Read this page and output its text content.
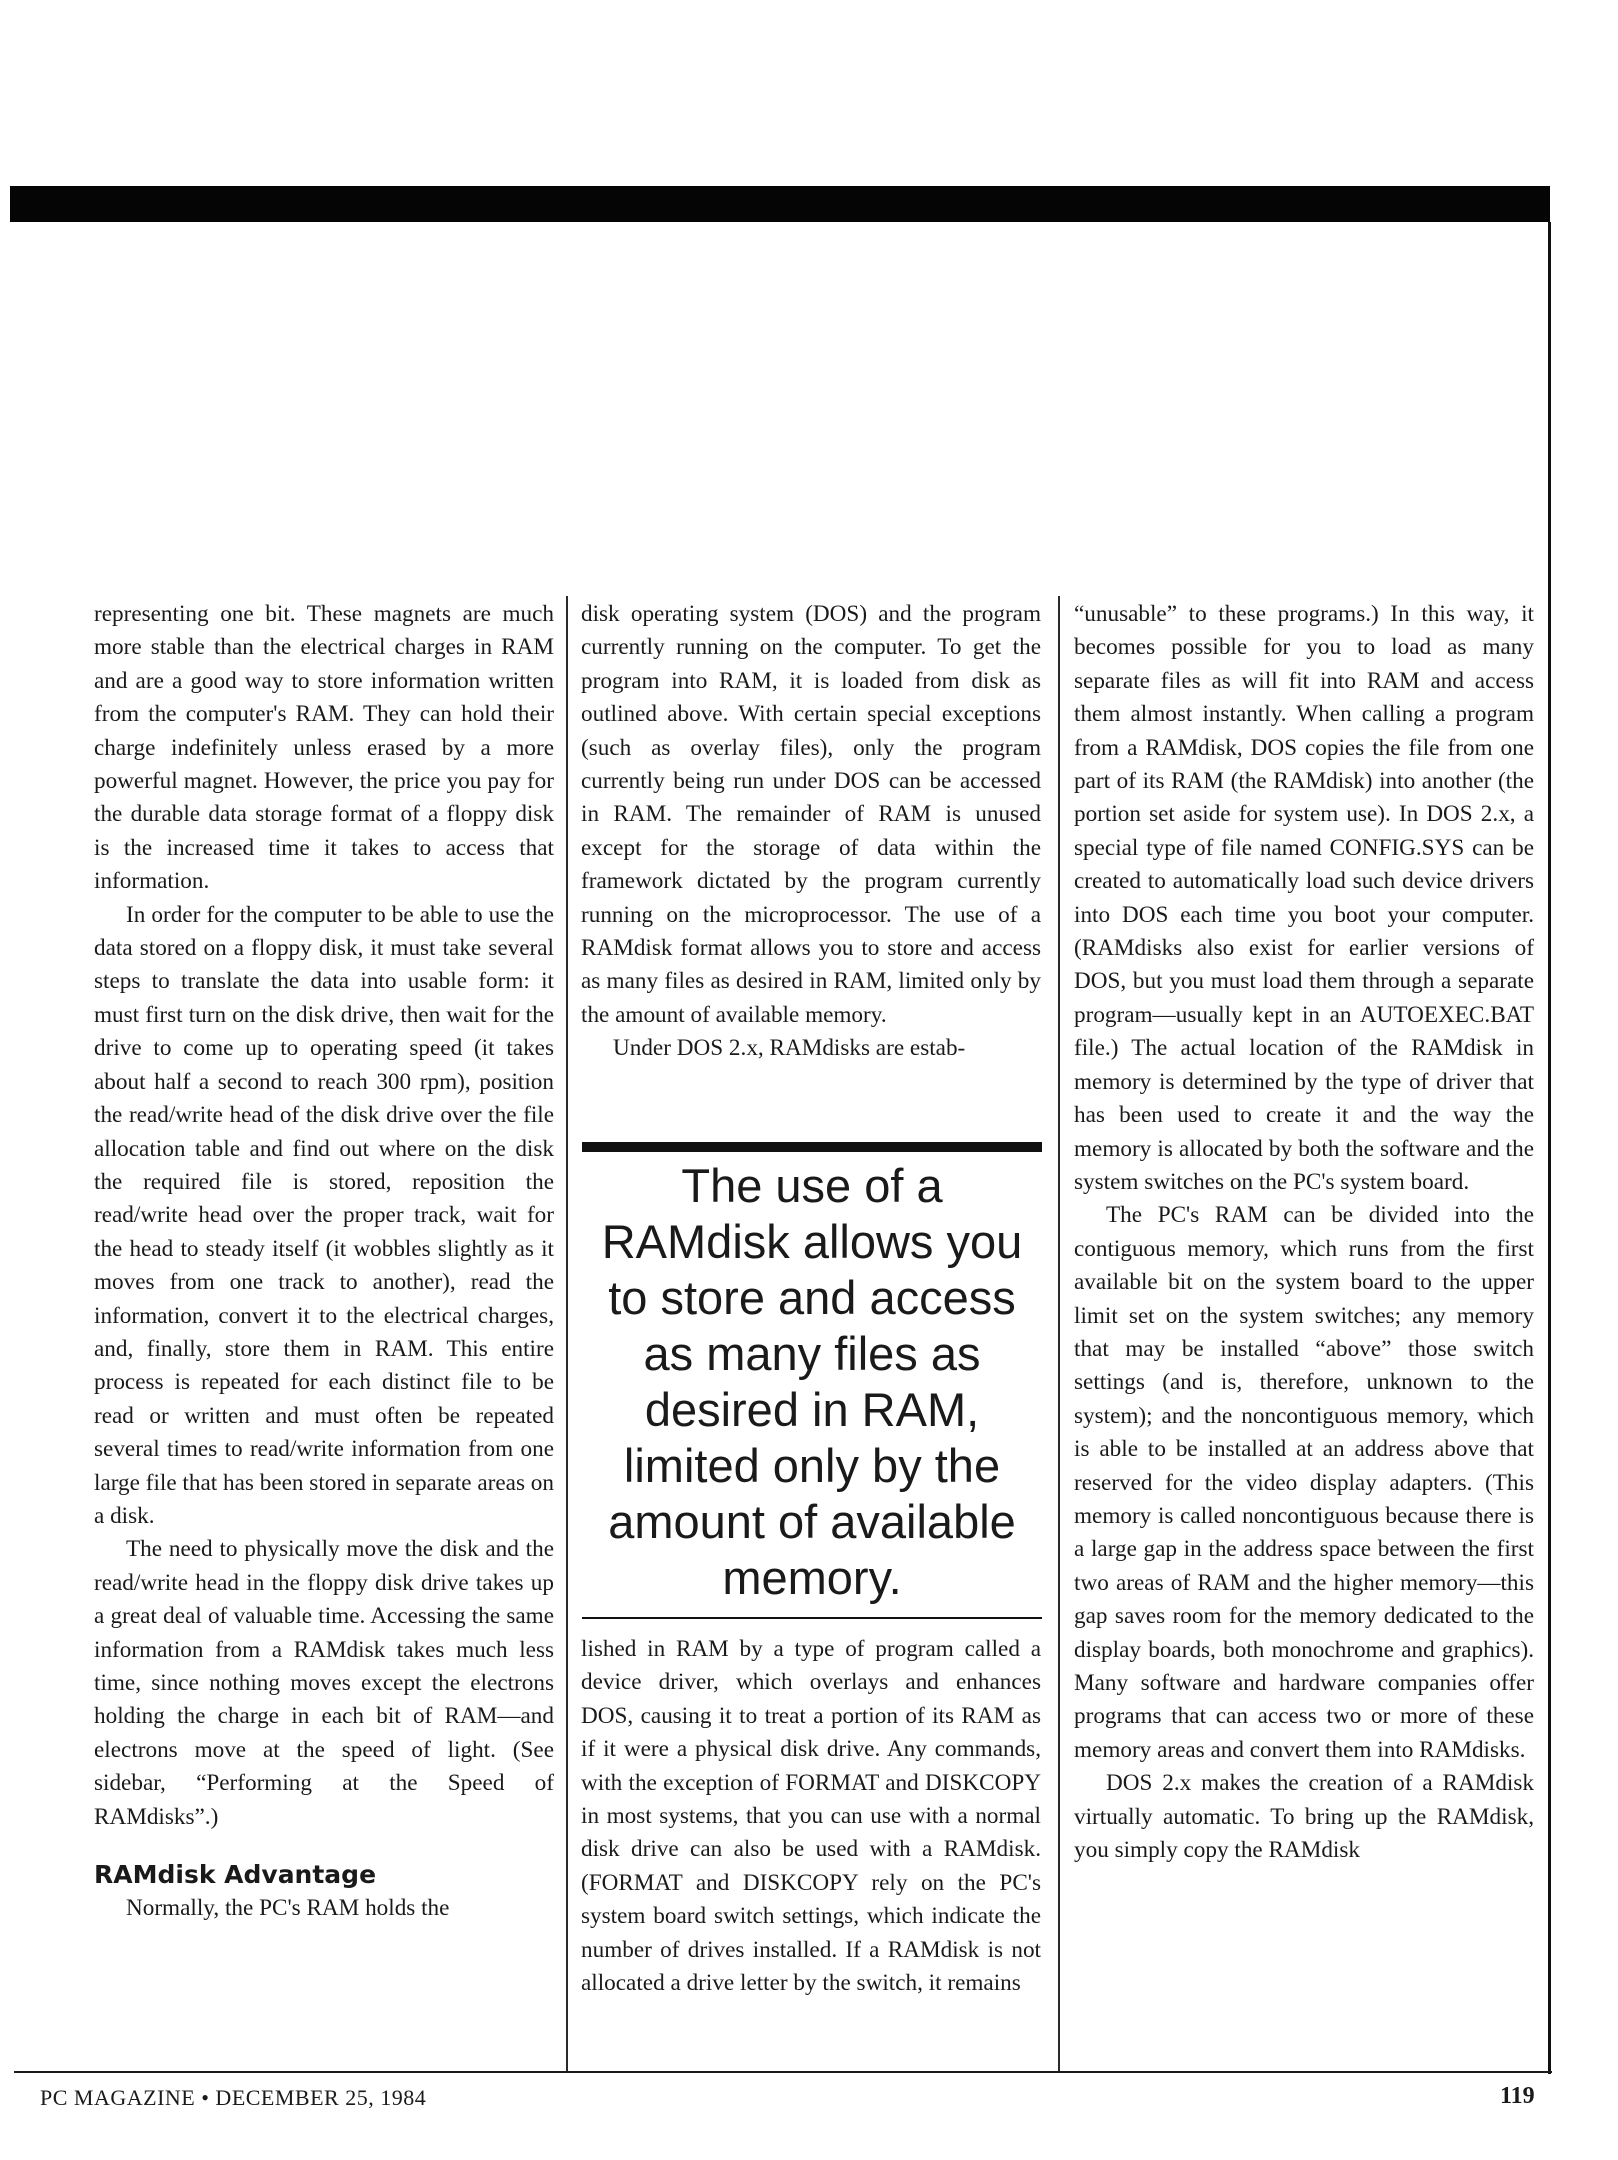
representing one bit. These magnets are much more stable than the electrical charges in RAM and are a good way to store information written from the computer's RAM. They can hold their charge indefinitely unless erased by a more powerful magnet. However, the price you pay for the durable data storage format of a floppy disk is the increased time it takes to access that information.

In order for the computer to be able to use the data stored on a floppy disk, it must take several steps to translate the data into usable form: it must first turn on the disk drive, then wait for the drive to come up to operating speed (it takes about half a second to reach 300 rpm), position the read/write head of the disk drive over the file allocation table and find out where on the disk the required file is stored, reposition the read/write head over the proper track, wait for the head to steady itself (it wobbles slightly as it moves from one track to another), read the information, convert it to the electrical charges, and, finally, store them in RAM. This entire process is repeated for each distinct file to be read or written and must often be repeated several times to read/write information from one large file that has been stored in separate areas on a disk.

The need to physically move the disk and the read/write head in the floppy disk drive takes up a great deal of valuable time. Accessing the same information from a RAMdisk takes much less time, since nothing moves except the electrons holding the charge in each bit of RAM—and electrons move at the speed of light. (See sidebar, “Performing at the Speed of RAMdisks”.)

RAMdisk Advantage

Normally, the PC's RAM holds the

disk operating system (DOS) and the program currently running on the computer. To get the program into RAM, it is loaded from disk as outlined above. With certain special exceptions (such as overlay files), only the program currently being run under DOS can be accessed in RAM. The remainder of RAM is unused except for the storage of data within the framework dictated by the program currently running on the microprocessor. The use of a RAMdisk format allows you to store and access as many files as desired in RAM, limited only by the amount of available memory.

Under DOS 2.x, RAMdisks are estab-

The use of a RAMdisk allows you to store and access as many files as desired in RAM, limited only by the amount of available memory.

lished in RAM by a type of program called a device driver, which overlays and enhances DOS, causing it to treat a portion of its RAM as if it were a physical disk drive. Any commands, with the exception of FORMAT and DISKCOPY in most systems, that you can use with a normal disk drive can also be used with a RAMdisk. (FORMAT and DISKCOPY rely on the PC's system board switch settings, which indicate the number of drives installed. If a RAMdisk is not allocated a drive letter by the switch, it remains

“unusable” to these programs.) In this way, it becomes possible for you to load as many separate files as will fit into RAM and access them almost instantly. When calling a program from a RAMdisk, DOS copies the file from one part of its RAM (the RAMdisk) into another (the portion set aside for system use). In DOS 2.x, a special type of file named CONFIG.SYS can be created to automatically load such device drivers into DOS each time you boot your computer. (RAMdisks also exist for earlier versions of DOS, but you must load them through a separate program—usually kept in an AUTOEXEC.BAT file.) The actual location of the RAMdisk in memory is determined by the type of driver that has been used to create it and the way the memory is allocated by both the software and the system switches on the PC's system board.

The PC's RAM can be divided into the contiguous memory, which runs from the first available bit on the system board to the upper limit set on the system switches; any memory that may be installed “above” those switch settings (and is, therefore, unknown to the system); and the noncontiguous memory, which is able to be installed at an address above that reserved for the video display adapters. (This memory is called noncontiguous because there is a large gap in the address space between the first two areas of RAM and the higher memory—this gap saves room for the memory dedicated to the display boards, both monochrome and graphics). Many software and hardware companies offer programs that can access two or more of these memory areas and convert them into RAMdisks.

DOS 2.x makes the creation of a RAMdisk virtually automatic. To bring up the RAMdisk, you simply copy the RAMdisk

PC MAGAZINE • DECEMBER 25, 1984	119
